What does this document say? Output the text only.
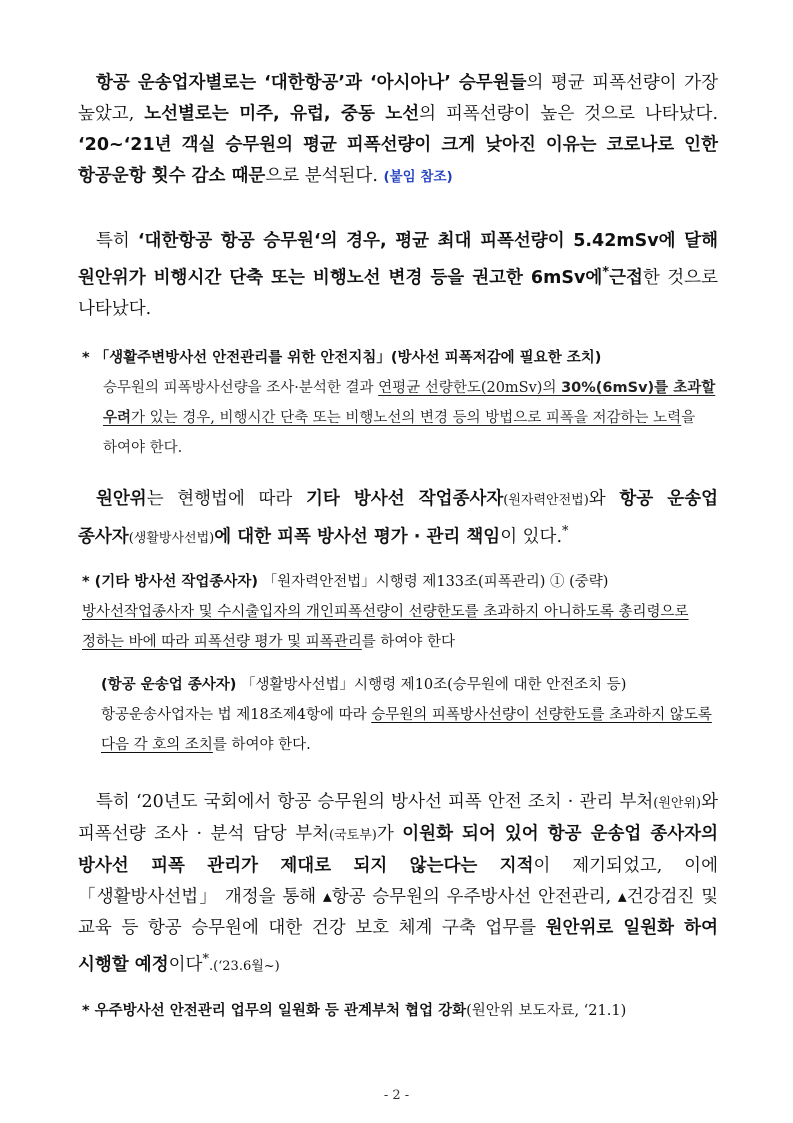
항공 운송업자별로는 ‘대한항공’과 ‘아시아나’ 승무원들의 평균 피폭선량이 가장 높았고, 노선별로는 미주, 유럽, 중동 노선의 피폭선량이 높은 것으로 나타났다. ‘20~‘21년 객실 승무원의 평균 피폭선량이 크게 낮아진 이유는 코로나로 인한 항공운항 횟수 감소 때문으로 분석된다. (붙임 참조)
특히 ‘대한항공 항공 승무원‘의 경우, 평균 최대 피폭선량이 5.42mSv에 달해 원안위가 비행시간 단축 또는 비행노선 변경 등을 권고한 6mSv에*근접한 것으로 나타났다.
* 「생활주변방사선 안전관리를 위한 안전지침」(방사선 피폭저감에 필요한 조치)
승무원의 피폭방사선량을 조사·분석한 결과 연평균 선량한도(20mSv)의 30%(6mSv)를 초과할 우려가 있는 경우, 비행시간 단축 또는 비행노선의 변경 등의 방법으로 피폭을 저감하는 노력을 하여야 한다.
원안위는 현행법에 따라 기타 방사선 작업종사자(원자력안전법)와 항공 운송업 종사자(생활방사선법)에 대한 피폭 방사선 평가 · 관리 책임이 있다.*
* (기타 방사선 작업종사자) 「원자력안전법」시행령 제133조(피폭관리) ① (중략) 방사선작업종사자 및 수시출입자의 개인피폭선량이 선량한도를 초과하지 아니하도록 총리령으로 정하는 바에 따라 피폭선량 평가 및 피폭관리를 하여야 한다
(항공 운송업 종사자) 「생활방사선법」시행령 제10조(승무원에 대한 안전조치 등) 항공운송사업자는 법 제18조제4항에 따라 승무원의 피폭방사선량이 선량한도를 초과하지 않도록 다음 각 호의 조치를 하여야 한다.
특히 ‘20년도 국회에서 항공 승무원의 방사선 피폭 안전 조치 · 관리 부처(원안위)와 피폭선량 조사 · 분석 담당 부처(국토부)가 이원화 되어 있어 항공 운송업 종사자의 방사선 피폭 관리가 제대로 되지 않는다는 지적이 제기되었고, 이에 「생활방사선법」 개정을 통해 ▴항공 승무원의 우주방사선 안전관리, ▴건강검진 및 교육 등 항공 승무원에 대한 건강 보호 체계 구축 업무를 원안위로 일원화 하여 시행할 예정이다*.(‘23.6월~)
* 우주방사선 안전관리 업무의 일원화 등 관계부처 협업 강화(원안위 보도자료, ‘21.1)
- 2 -
